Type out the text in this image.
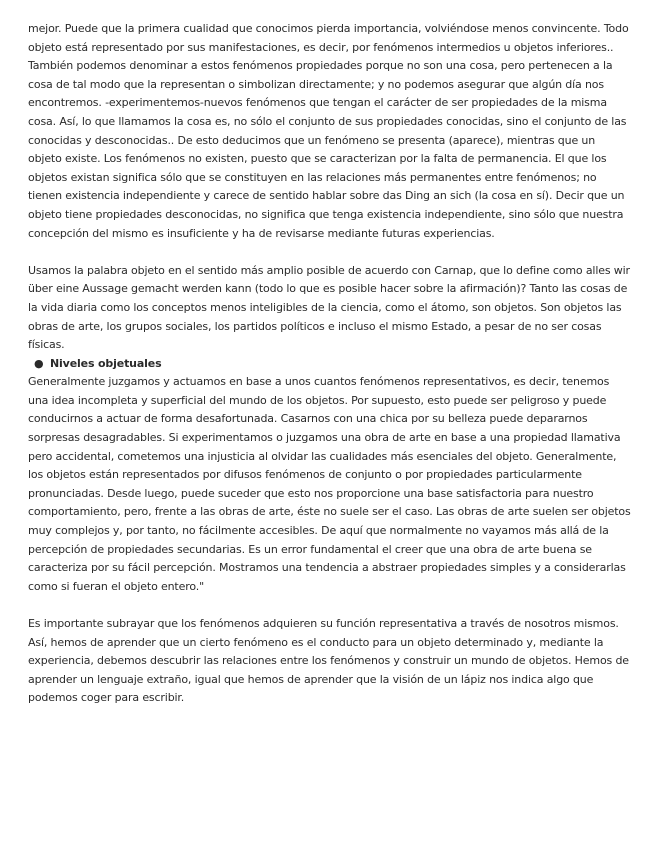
mejor. Puede que la primera cualidad que conocimos pierda importancia, volviéndose menos convincente. Todo objeto está representado por sus manifestaciones, es decir, por fenómenos intermedios u objetos inferiores.. También podemos denominar a estos fenómenos propiedades porque no son una cosa, pero pertenecen a la cosa de tal modo que la representan o simbolizan directamente; y no podemos asegurar que algún día nos encontremos. -experimentemos-nuevos fenómenos que tengan el carácter de ser propiedades de la misma cosa. Así, lo que llamamos la cosa es, no sólo el conjunto de sus propiedades conocidas, sino el conjunto de las conocidas y desconocidas.. De esto deducimos que un fenómeno se presenta (aparece), mientras que un objeto existe. Los fenómenos no existen, puesto que se caracterizan por la falta de permanencia. El que los objetos existan significa sólo que se constituyen en las relaciones más permanentes entre fenómenos; no tienen existencia independiente y carece de sentido hablar sobre das Ding an sich (la cosa en sí). Decir que un objeto tiene propiedades desconocidas, no significa que tenga existencia independiente, sino sólo que nuestra concepción del mismo es insuficiente y ha de revisarse mediante futuras experiencias.

Usamos la palabra objeto en el sentido más amplio posible de acuerdo con Carnap, que lo define como alles wir über eine Aussage gemacht werden kann (todo lo que es posible hacer sobre la afirmación)? Tanto las cosas de la vida diaria como los conceptos menos inteligibles de la ciencia, como el átomo, son objetos. Son objetos las obras de arte, los grupos sociales, los partidos políticos e incluso el mismo Estado, a pesar de no ser cosas físicas.

● Niveles objetuales

Generalmente juzgamos y actuamos en base a unos cuantos fenómenos representativos, es decir, tenemos una idea incompleta y superficial del mundo de los objetos. Por supuesto, esto puede ser peligroso y puede conducirnos a actuar de forma desafortunada. Casarnos con una chica por su belleza puede depararnos sorpresas desagradables. Si experimentamos o juzgamos una obra de arte en base a una propiedad llamativa pero accidental, cometemos una injusticia al olvidar las cualidades más esenciales del objeto. Generalmente, los objetos están representados por difusos fenómenos de conjunto o por propiedades particularmente pronunciadas. Desde luego, puede suceder que esto nos proporcione una base satisfactoria para nuestro comportamiento, pero, frente a las obras de arte, éste no suele ser el caso. Las obras de arte suelen ser objetos muy complejos y, por tanto, no fácilmente accesibles. De aquí que normalmente no vayamos más allá de la percepción de propiedades secundarias. Es un error fundamental el creer que una obra de arte buena se caracteriza por su fácil percepción. Mostramos una tendencia a abstraer propiedades simples y a considerarlas como si fueran el objeto entero."

Es importante subrayar que los fenómenos adquieren su función representativa a través de nosotros mismos. Así, hemos de aprender que un cierto fenómeno es el conducto para un objeto determinado y, mediante la experiencia, debemos descubrir las relaciones entre los fenómenos y construir un mundo de objetos. Hemos de aprender un lenguaje extraño, igual que hemos de aprender que la visión de un lápiz nos indica algo que podemos coger para escribir.
